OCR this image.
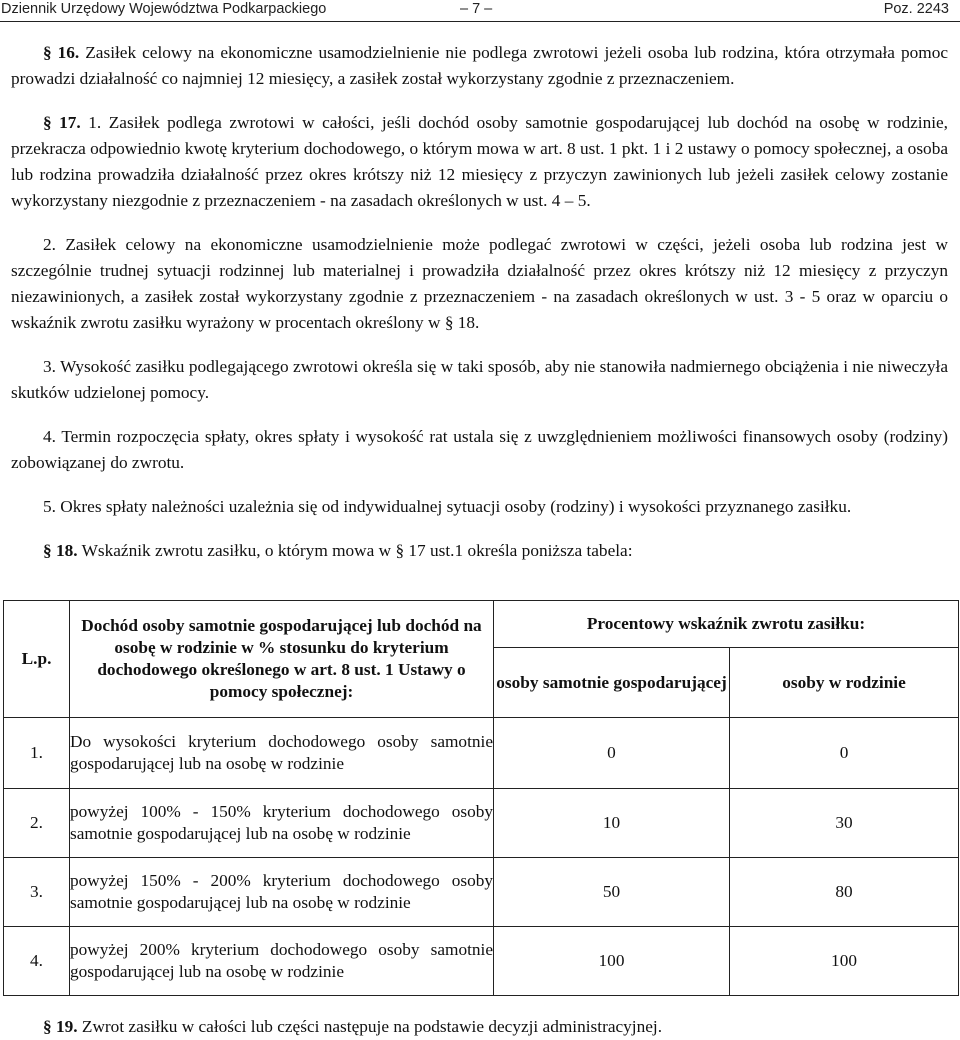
Dziennik Urzędowy Województwa Podkarpackiego	– 7 –	Poz. 2243

§ 16. Zasiłek celowy na ekonomiczne usamodzielnienie nie podlega zwrotowi jeżeli osoba lub rodzina, która otrzymała pomoc prowadzi działalność co najmniej 12 miesięcy, a zasiłek został wykorzystany zgodnie z przeznaczeniem.

§ 17. 1. Zasiłek podlega zwrotowi w całości, jeśli dochód osoby samotnie gospodarującej lub dochód na osobę w rodzinie, przekracza odpowiednio kwotę kryterium dochodowego, o którym mowa w art. 8 ust. 1 pkt. 1 i 2 ustawy o pomocy społecznej, a osoba lub rodzina prowadziła działalność przez okres krótszy niż 12 miesięcy z przyczyn zawinionych lub jeżeli zasiłek celowy zostanie wykorzystany niezgodnie z przeznaczeniem - na zasadach określonych w ust. 4 – 5.

2. Zasiłek celowy na ekonomiczne usamodzielnienie może podlegać zwrotowi w części, jeżeli osoba lub rodzina jest w szczególnie trudnej sytuacji rodzinnej lub materialnej i prowadziła działalność przez okres krótszy niż 12 miesięcy z przyczyn niezawinionych, a zasiłek został wykorzystany zgodnie z przeznaczeniem - na zasadach określonych w ust. 3 - 5 oraz w oparciu o wskaźnik zwrotu zasiłku wyrażony w procentach określony w § 18.

3. Wysokość zasiłku podlegającego zwrotowi określa się w taki sposób, aby nie stanowiła nadmiernego obciążenia i nie niweczyła skutków udzielonej pomocy.

4. Termin rozpoczęcia spłaty, okres spłaty i wysokość rat ustala się z uwzględnieniem możliwości finansowych osoby (rodziny) zobowiązanej do zwrotu.

5. Okres spłaty należności uzależnia się od indywidualnej sytuacji osoby (rodziny) i wysokości przyznanego zasiłku.

§ 18. Wskaźnik zwrotu zasiłku, o którym mowa w § 17 ust.1 określa poniższa tabela:

L.p.	Dochód osoby samotnie gospodarującej lub dochód na osobę w rodzinie w % stosunku do kryterium dochodowego określonego w art. 8 ust. 1 Ustawy o pomocy społecznej:	Procentowy wskaźnik zwrotu zasiłku:	
		osoby samotnie gospodarującej	osoby w rodzinie
1.	Do wysokości kryterium dochodowego osoby samotnie gospodarującej lub na osobę w rodzinie	0	0
2.	powyżej 100% - 150% kryterium dochodowego osoby samotnie gospodarującej lub na osobę w rodzinie	10	30
3.	powyżej 150% - 200% kryterium dochodowego osoby samotnie gospodarującej lub na osobę w rodzinie	50	80
4.	powyżej 200% kryterium dochodowego osoby samotnie gospodarującej lub na osobę w rodzinie	100	100

§ 19. Zwrot zasiłku w całości lub części następuje na podstawie decyzji administracyjnej.
